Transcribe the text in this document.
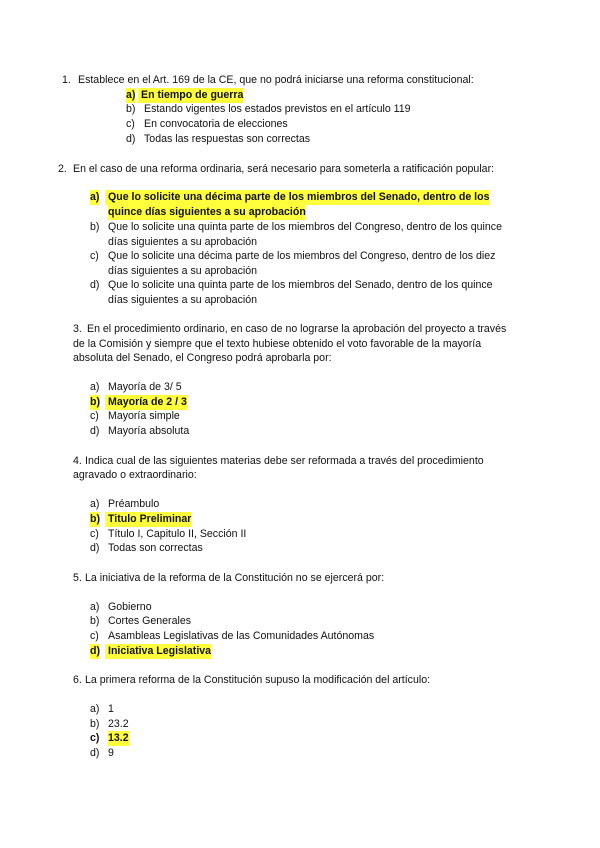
1. Establece en el Art. 169 de la CE, que no podrá iniciarse una reforma constitucional:
a) En tiempo de guerra
b) Estando vigentes los estados previstos en el artículo 119
c) En convocatoria de elecciones
d) Todas las respuestas son correctas
2. En el caso de una reforma ordinaria, será necesario para someterla a ratificación popular:
a) Que lo solicite una décima parte de los miembros del Senado, dentro de los
quince días siguientes a su aprobación
b) Que lo solicite una quinta parte de los miembros del Congreso, dentro de los quince
días siguientes a su aprobación
c) Que lo solicite una décima parte de los miembros del Congreso, dentro de los diez
días siguientes a su aprobación
d) Que lo solicite una quinta parte de los miembros del Senado, dentro de los quince
días siguientes a su aprobación
3. En el procedimiento ordinario, en caso de no lograrse la aprobación del proyecto a través
de la Comisión y siempre que el texto hubiese obtenido el voto favorable de la mayoría
absoluta del Senado, el Congreso podrá aprobarla por:
a) Mayoría de 3/ 5
b) Mayoría de 2 / 3
c) Mayoría simple
d) Mayoría absoluta
4. Indica cual de las siguientes materias debe ser reformada a través del procedimiento
agravado o extraordinario:
a) Préambulo
b) Titulo Preliminar
c) Título I, Capitulo II, Sección II
d) Todas son correctas
5. La iniciativa de la reforma de la Constitución no se ejercerá por:
a) Gobierno
b) Cortes Generales
c) Asambleas Legislativas de las Comunidades Autónomas
d) Iniciativa Legislativa
6. La primera reforma de la Constitución supuso la modificación del artículo:
a) 1
b) 23.2
c) 13.2
d) 9
